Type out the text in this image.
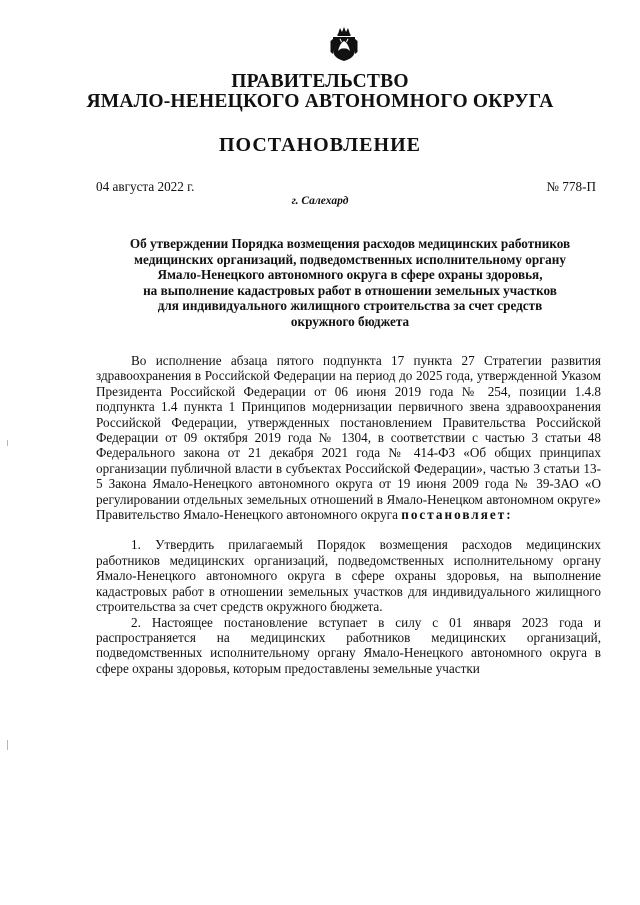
ПРАВИТЕЛЬСТВО
ЯМАЛО-НЕНЕЦКОГО АВТОНОМНОГО ОКРУГА
ПОСТАНОВЛЕНИЕ
04 августа 2022 г.	№ 778-П
г. Салехард
Об утверждении Порядка возмещения расходов медицинских работников
медицинских организаций, подведомственных исполнительному органу
Ямало-Ненецкого автономного округа в сфере охраны здоровья,
на выполнение кадастровых работ в отношении земельных участков
для индивидуального жилищного строительства за счет средств
окружного бюджета

Во исполнение абзаца пятого подпункта 17 пункта 27 Стратегии развития здравоохранения в Российской Федерации на период до 2025 года, утвержденной Указом Президента Российской Федерации от 06 июня 2019 года № 254, позиции 1.4.8 подпункта 1.4 пункта 1 Принципов модернизации первичного звена здравоохранения Российской Федерации, утвержденных постановлением Правительства Российской Федерации от 09 октября 2019 года № 1304, в соответствии с частью 3 статьи 48 Федерального закона от 21 декабря 2021 года № 414-ФЗ «Об общих принципах организации публичной власти в субъектах Российской Федерации», частью 3 статьи 13-5 Закона Ямало-Ненецкого автономного округа от 19 июня 2009 года № 39-ЗАО «О регулировании отдельных земельных отношений в Ямало-Ненецком автономном округе» Правительство Ямало-Ненецкого автономного округа постановляет:

1. Утвердить прилагаемый Порядок возмещения расходов медицинских работников медицинских организаций, подведомственных исполнительному органу Ямало-Ненецкого автономного округа в сфере охраны здоровья, на выполнение кадастровых работ в отношении земельных участков для индивидуального жилищного строительства за счет средств окружного бюджета.

2. Настоящее постановление вступает в силу с 01 января 2023 года и распространяется на медицинских работников медицинских организаций, подведомственных исполнительному органу Ямало-Ненецкого автономного округа в сфере охраны здоровья, которым предоставлены земельные участки
